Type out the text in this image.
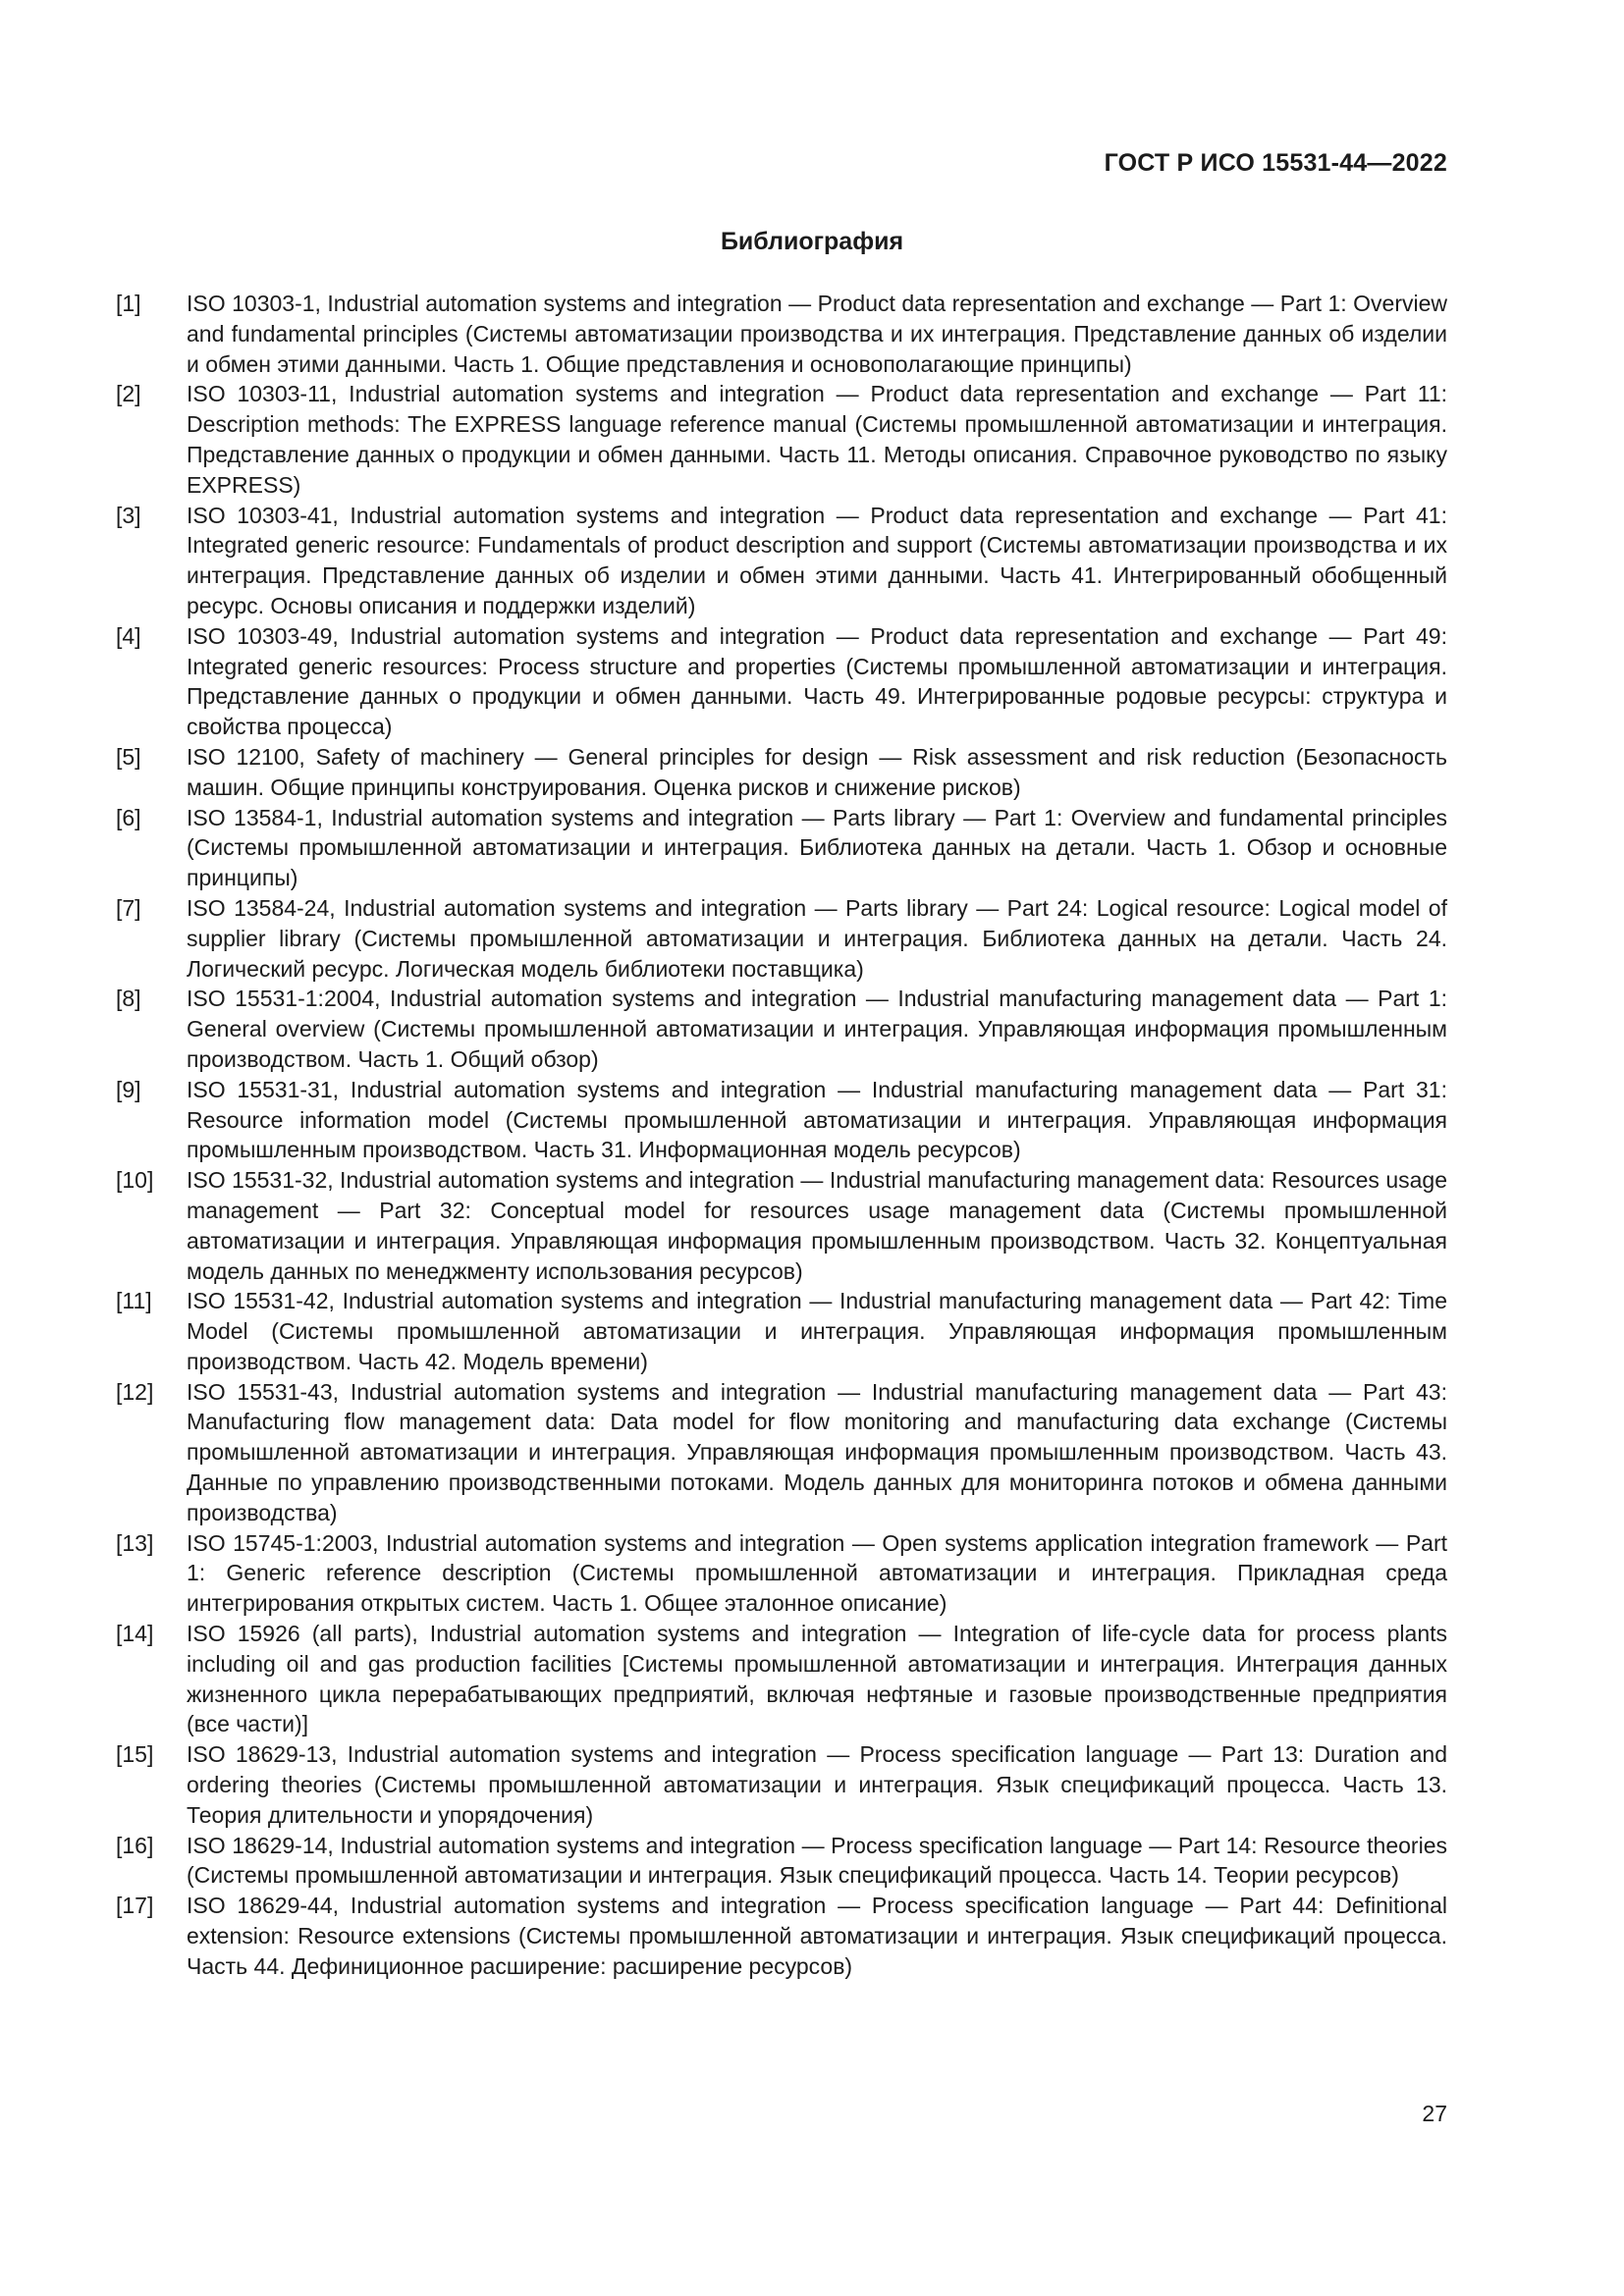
ГОСТ Р ИСО 15531-44—2022
Библиография
[1]	ISO 10303-1, Industrial automation systems and integration — Product data representation and exchange — Part 1: Overview and fundamental principles (Системы автоматизации производства и их интеграция. Представление данных об изделии и обмен этими данными. Часть 1. Общие представления и основополагающие принципы)
[2]	ISO 10303-11, Industrial automation systems and integration — Product data representation and exchange — Part 11: Description methods: The EXPRESS language reference manual (Системы промышленной автоматизации и интеграция. Представление данных о продукции и обмен данными. Часть 11. Методы описания. Справочное руководство по языку EXPRESS)
[3]	ISO 10303-41, Industrial automation systems and integration — Product data representation and exchange — Part 41: Integrated generic resource: Fundamentals of product description and support (Системы автоматизации производства и их интеграция. Представление данных об изделии и обмен этими данными. Часть 41. Интегрированный обобщенный ресурс. Основы описания и поддержки изделий)
[4]	ISO 10303-49, Industrial automation systems and integration — Product data representation and exchange — Part 49: Integrated generic resources: Process structure and properties (Системы промышленной автоматизации и интеграция. Представление данных о продукции и обмен данными. Часть 49. Интегрированные родовые ресурсы: структура и свойства процесса)
[5]	ISO 12100, Safety of machinery — General principles for design — Risk assessment and risk reduction (Безопасность машин. Общие принципы конструирования. Оценка рисков и снижение рисков)
[6]	ISO 13584-1, Industrial automation systems and integration — Parts library — Part 1: Overview and fundamental principles (Системы промышленной автоматизации и интеграция. Библиотека данных на детали. Часть 1. Обзор и основные принципы)
[7]	ISO 13584-24, Industrial automation systems and integration — Parts library — Part 24: Logical resource: Logical model of supplier library (Системы промышленной автоматизации и интеграция. Библиотека данных на детали. Часть 24. Логический ресурс. Логическая модель библиотеки поставщика)
[8]	ISO 15531-1:2004, Industrial automation systems and integration — Industrial manufacturing management data — Part 1: General overview (Системы промышленной автоматизации и интеграция. Управляющая информация промышленным производством. Часть 1. Общий обзор)
[9]	ISO 15531-31, Industrial automation systems and integration — Industrial manufacturing management data — Part 31: Resource information model (Системы промышленной автоматизации и интеграция. Управляющая информация промышленным производством. Часть 31. Информационная модель ресурсов)
[10]	ISO 15531-32, Industrial automation systems and integration — Industrial manufacturing management data: Resources usage management — Part 32: Conceptual model for resources usage management data (Системы промышленной автоматизации и интеграция. Управляющая информация промышленным производством. Часть 32. Концептуальная модель данных по менеджменту использования ресурсов)
[11]	ISO 15531-42, Industrial automation systems and integration — Industrial manufacturing management data — Part 42: Time Model (Системы промышленной автоматизации и интеграция. Управляющая информация промышленным производством. Часть 42. Модель времени)
[12]	ISO 15531-43, Industrial automation systems and integration — Industrial manufacturing management data — Part 43: Manufacturing flow management data: Data model for flow monitoring and manufacturing data exchange (Системы промышленной автоматизации и интеграция. Управляющая информация промышленным производством. Часть 43. Данные по управлению производственными потоками. Модель данных для мониторинга потоков и обмена данными производства)
[13]	ISO 15745-1:2003, Industrial automation systems and integration — Open systems application integration framework — Part 1: Generic reference description (Системы промышленной автоматизации и интеграция. Прикладная среда интегрирования открытых систем. Часть 1. Общее эталонное описание)
[14]	ISO 15926 (all parts), Industrial automation systems and integration — Integration of life-cycle data for process plants including oil and gas production facilities [Системы промышленной автоматизации и интеграция. Интеграция данных жизненного цикла перерабатывающих предприятий, включая нефтяные и газовые производственные предприятия (все части)]
[15]	ISO 18629-13, Industrial automation systems and integration — Process specification language — Part 13: Duration and ordering theories (Системы промышленной автоматизации и интеграция. Язык спецификаций процесса. Часть 13. Теория длительности и упорядочения)
[16]	ISO 18629-14, Industrial automation systems and integration — Process specification language — Part 14: Resource theories (Системы промышленной автоматизации и интеграция. Язык спецификаций процесса. Часть 14. Теории ресурсов)
[17]	ISO 18629-44, Industrial automation systems and integration — Process specification language — Part 44: Definitional extension: Resource extensions (Системы промышленной автоматизации и интеграция. Язык спецификаций процесса. Часть 44. Дефиниционное расширение: расширение ресурсов)
27
